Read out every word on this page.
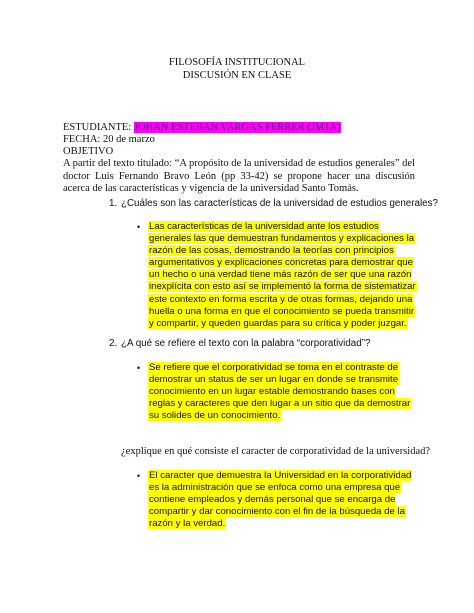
FILOSOFÍA INSTITUCIONAL
DISCUSIÓN EN CLASE
ESTUDIANTE: JOHAN ESTEBAN VARGAS FERRER (JM1A)
FECHA: 20 de marzo
OBJETIVO
A partir del texto titulado: “A propósito de la universidad de estudios generales” del doctor Luis Fernando Bravo León (pp 33-42) se propone hacer una discusión acerca de las características y vigencia de la universidad Santo Tomás.
1. ¿Cuáles son las características de la universidad de estudios generales?
• Las características de la universidad ante los estudios generales las que demuestran fundamentos y explicaciones la razón de las cosas, demostrando la teorías con principios argumentativos y explicaciones concretas para demostrar que un hecho o una verdad tiene más razón de ser que una razón inexplícita con esto así se implementó la forma de sistematizar este contexto en forma escrita y de otras formas, dejando una huella o una forma en que el conocimiento se pueda transmitir y compartir, y queden guardas para su crítica y poder juzgar.
2. ¿A qué se refiere el texto con la palabra “corporatividad”?
• Se refiere que el corporatividad se toma en el contraste de demostrar un status de ser un lugar en donde se transmite conocimiento en un lugar estable demostrando bases con reglas y caracteres que den lugar a un sitio que da demostrar su solides de un conocimiento.
¿explique en qué consiste el caracter de corporatividad de la universidad?
• El caracter que demuestra la Universidad en la corporatividad es la administración que se enfoca como una empresa que contiene empleados y demás personal que se encarga de compartir y dar conocimiento con el fin de la búsqueda de la razón y la verdad.
